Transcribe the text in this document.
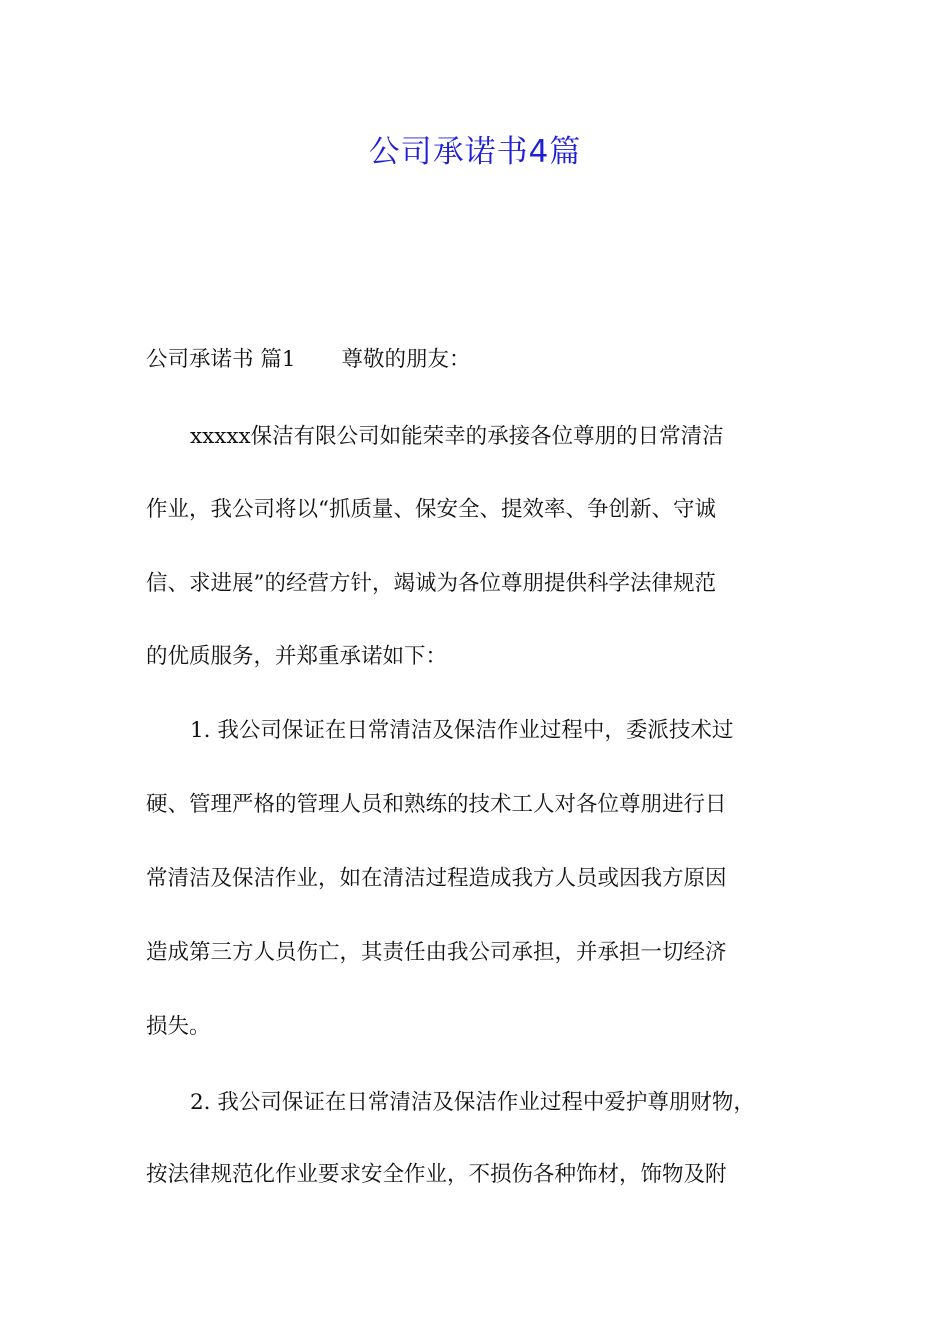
公司承诺书4篇
公司承诺书 篇1 尊敬的朋友：
xxxxx保洁有限公司如能荣幸的承接各位尊朋的日常清洁
作业，我公司将以“抓质量、保安全、提效率、争创新、守诚
信、求进展”的经营方针，竭诚为各位尊朋提供科学法律规范
的优质服务，并郑重承诺如下：
1. 我公司保证在日常清洁及保洁作业过程中，委派技术过
硬、管理严格的管理人员和熟练的技术工人对各位尊朋进行日
常清洁及保洁作业，如在清洁过程造成我方人员或因我方原因
造成第三方人员伤亡，其责任由我公司承担，并承担一切经济
损失。
2. 我公司保证在日常清洁及保洁作业过程中爱护尊朋财物，
按法律规范化作业要求安全作业，不损伤各种饰材，饰物及附
